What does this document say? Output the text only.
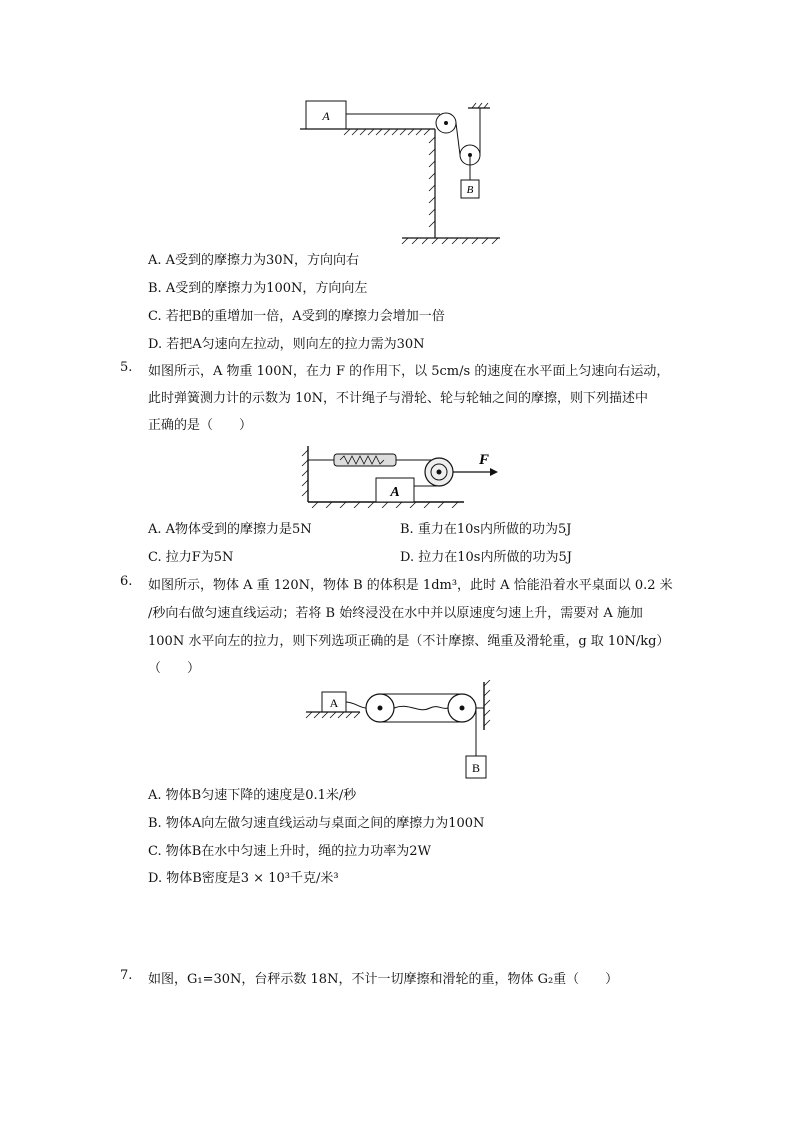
A
B
A. A受到的摩擦力为30N，方向向右
B. A受到的摩擦力为100N，方向向左
C. 若把B的重增加一倍，A受到的摩擦力会增加一倍
D. 若把A匀速向左拉动，则向左的拉力需为30N
5. 如图所示，A 物重 100N，在力 F 的作用下，以 5cm/s 的速度在水平面上匀速向右运动，
此时弹簧测力计的示数为 10N，不计绳子与滑轮、轮与轮轴之间的摩擦，则下列描述中
正确的是（　　）
A
F
A. A物体受到的摩擦力是5N	B. 重力在10s内所做的功为5J
C. 拉力F为5N	D. 拉力在10s内所做的功为5J
6. 如图所示，物体 A 重 120N，物体 B 的体积是 1dm³，此时 A 恰能沿着水平桌面以 0.2 米
/秒向右做匀速直线运动；若将 B 始终浸没在水中并以原速度匀速上升，需要对 A 施加
100N 水平向左的拉力，则下列选项正确的是（不计摩擦、绳重及滑轮重，g 取 10N/kg）
（　　）
A
B
A. 物体B匀速下降的速度是0.1米/秒
B. 物体A向左做匀速直线运动与桌面之间的摩擦力为100N
C. 物体B在水中匀速上升时，绳的拉力功率为2W
D. 物体B密度是3 × 10³千克/米³
7. 如图，G₁=30N，台秤示数 18N，不计一切摩擦和滑轮的重，物体 G₂重（　　）
